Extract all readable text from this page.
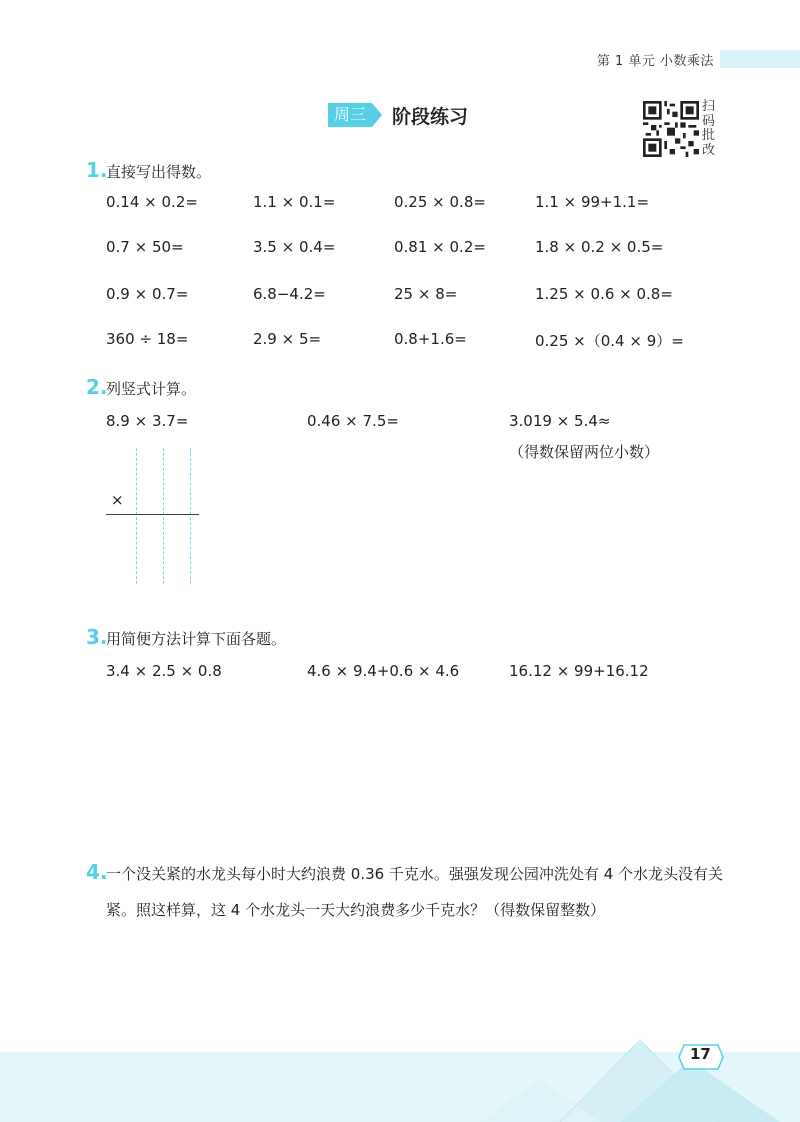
第 1 单元 小数乘法
周三	阶段练习	扫
码
批
改
1 . 直接写出得数。
0.14 × 0.2=	1.1 × 0.1=	0.25 × 0.8=	1.1 × 99+1.1=
0.7 × 50=	3.5 × 0.4=	0.81 × 0.2=	1.8 × 0.2 × 0.5=
0.9 × 0.7=	6.8−4.2=	25 × 8=	1.25 × 0.6 × 0.8=
360 ÷ 18=	2.9 × 5=	0.8+1.6=	0.25 ×（0.4 × 9）=
2 . 列竖式计算。
8.9 × 3.7=	0.46 × 7.5=	3.019 × 5.4≈
（得数保留两位小数）
×
3 . 用简便方法计算下面各题。
3.4 × 2.5 × 0.8	4.6 × 9.4+0.6 × 4.6	16.12 × 99+16.12
4 . 一个没关紧的水龙头每小时大约浪费 0.36 千克水。强强发现公园冲洗处有 4 个水龙头没有关紧。照这样算，这 4 个水龙头一天大约浪费多少千克水？（得数保留整数）
17
